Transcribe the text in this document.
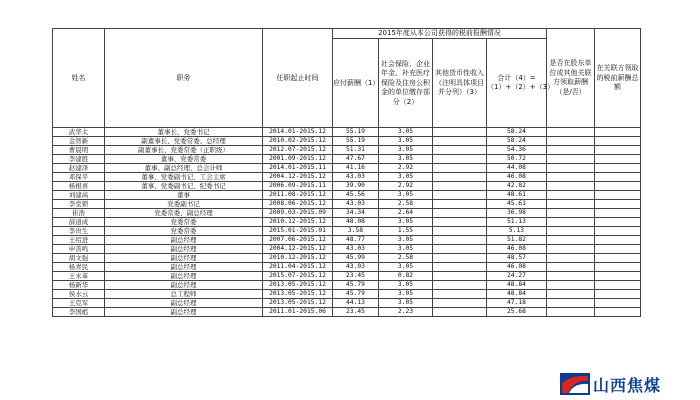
姓名	职务	任职起止时间	2015年度从本公司获得的税前报酬情况				是否在股东单位或其他关联方领取薪酬（是/否）	在关联方领取的税前薪酬总额
			应付薪酬（1）	社会保险、企业年金、补充医疗保险及住房公积金的单位缴存部分（2）	其他货币性收入（注明具体项目并分列）（3）	合计（4）=（1）+（2）+（3）		
武华太	董事长、党委书记	2014.01-2015.12	55.19	3.05		58.24		
金智新	副董事长、党委常委、总经理	2010.02-2015.12	55.19	3.05		58.24		
曹晨明	副董事长、党委常委（正职级）	2012.07-2015.12	51.31	3.05		54.36		
李建胜	董事、党委常委	2001.09-2015.12	47.67	3.05		50.72		
赵建泽	董事、副总经理、总会计师	2014.01-2015.11	41.16	2.92		44.08		
邓保平	董事、党委副书记、工会主席	2004.12-2015.12	43.03	3.05		46.08		
杨根喜	董事、党委副书记、纪委书记	2006.09-2015.11	39.90	2.92		42.82		
刘建高	董事	2011.08-2015.12	45.56	3.05		48.61		
李堂锁	党委副书记	2008.06-2015.12	43.03	2.58		45.61		
崔浩	党委常委、副总经理	2009.03-2015.09	34.34	2.64		36.98		
薛道成	党委常委	2010.12-2015.12	48.08	3.05		51.13		
李贵生	党委常委	2015.01-2015.01	3.58	1.55		5.13		
王绍进	副总经理	2007.06-2015.12	48.77	3.05		51.82		
申善鸣	副总经理	2004.12-2015.12	43.03	3.05		46.08		
胡文强	副总经理	2010.12-2015.12	45.99	2.58		48.57		
杨青民	副总经理	2011.04-2015.12	43.03	3.05		46.08		
王永革	副总经理	2015.07-2015.12	23.45	0.82		24.27		
杨新华	副总经理	2013.05-2015.12	45.79	3.05		48.84		
侯水云	总工程师	2013.05-2015.12	45.79	3.05		48.84		
王克军	副总经理	2013.05-2015.12	44.13	3.05		47.18		
李国彪	副总经理	2011.01-2015.06	23.45	2.23		25.68		
山西焦煤
